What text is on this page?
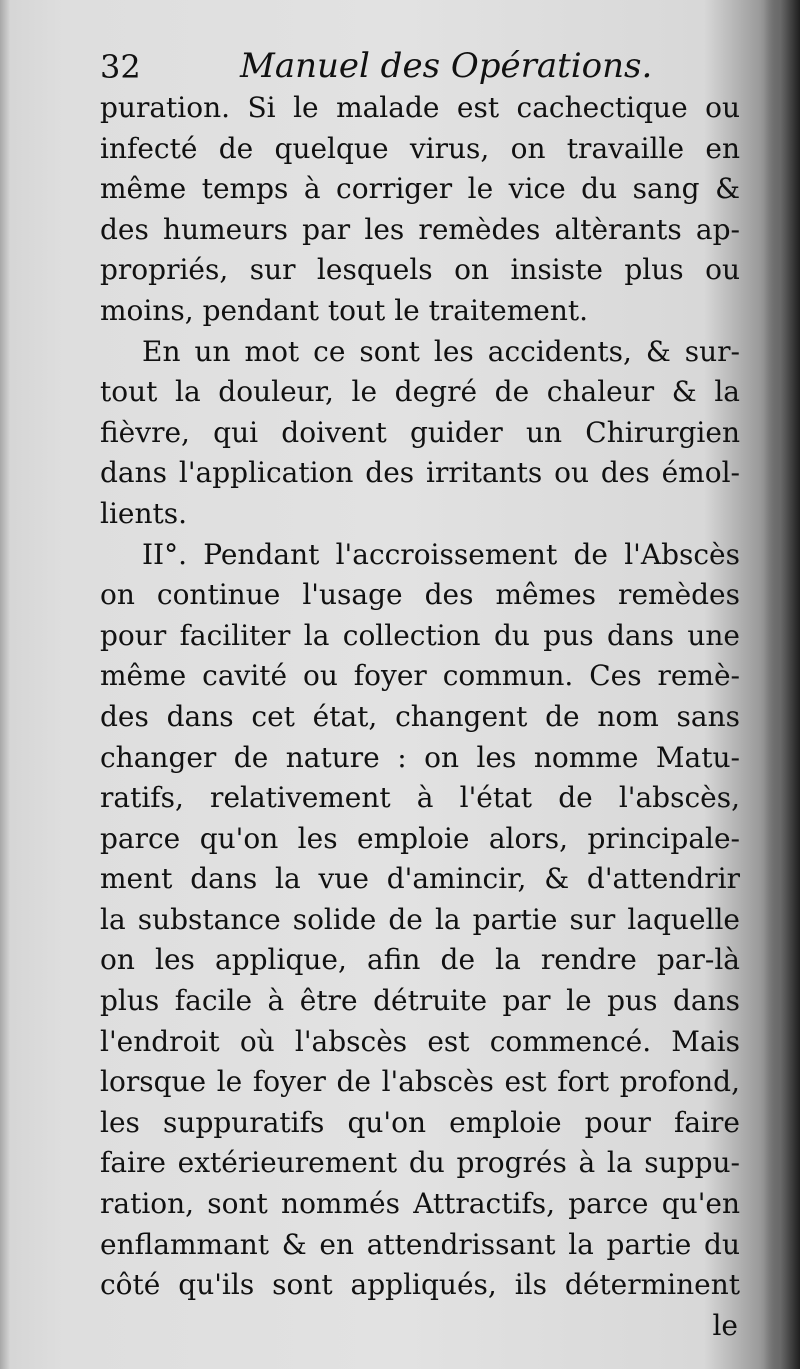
32	Manuel des Opérations.
puration. Si le malade est cachectique ou
infecté de quelque virus, on travaille en
même temps à corriger le vice du sang &
des humeurs par les remèdes altèrants ap-
propriés, sur lesquels on insiste plus ou
moins, pendant tout le traitement.
En un mot ce sont les accidents, & sur-
tout la douleur, le degré de chaleur & la
fièvre, qui doivent guider un Chirurgien
dans l'application des irritants ou des émol-
lients.
II°. Pendant l'accroissement de l'Abscès
on continue l'usage des mêmes remèdes
pour faciliter la collection du pus dans une
même cavité ou foyer commun. Ces remè-
des dans cet état, changent de nom sans
changer de nature : on les nomme Matu-
ratifs, relativement à l'état de l'abscès,
parce qu'on les emploie alors, principale-
ment dans la vue d'amincir, & d'attendrir
la substance solide de la partie sur laquelle
on les applique, afin de la rendre par-là
plus facile à être détruite par le pus dans
l'endroit où l'abscès est commencé. Mais
lorsque le foyer de l'abscès est fort profond,
les suppuratifs qu'on emploie pour faire
faire extérieurement du progrés à la suppu-
ration, sont nommés Attractifs, parce qu'en
enflammant & en attendrissant la partie du
côté qu'ils sont appliqués, ils déterminent
le
